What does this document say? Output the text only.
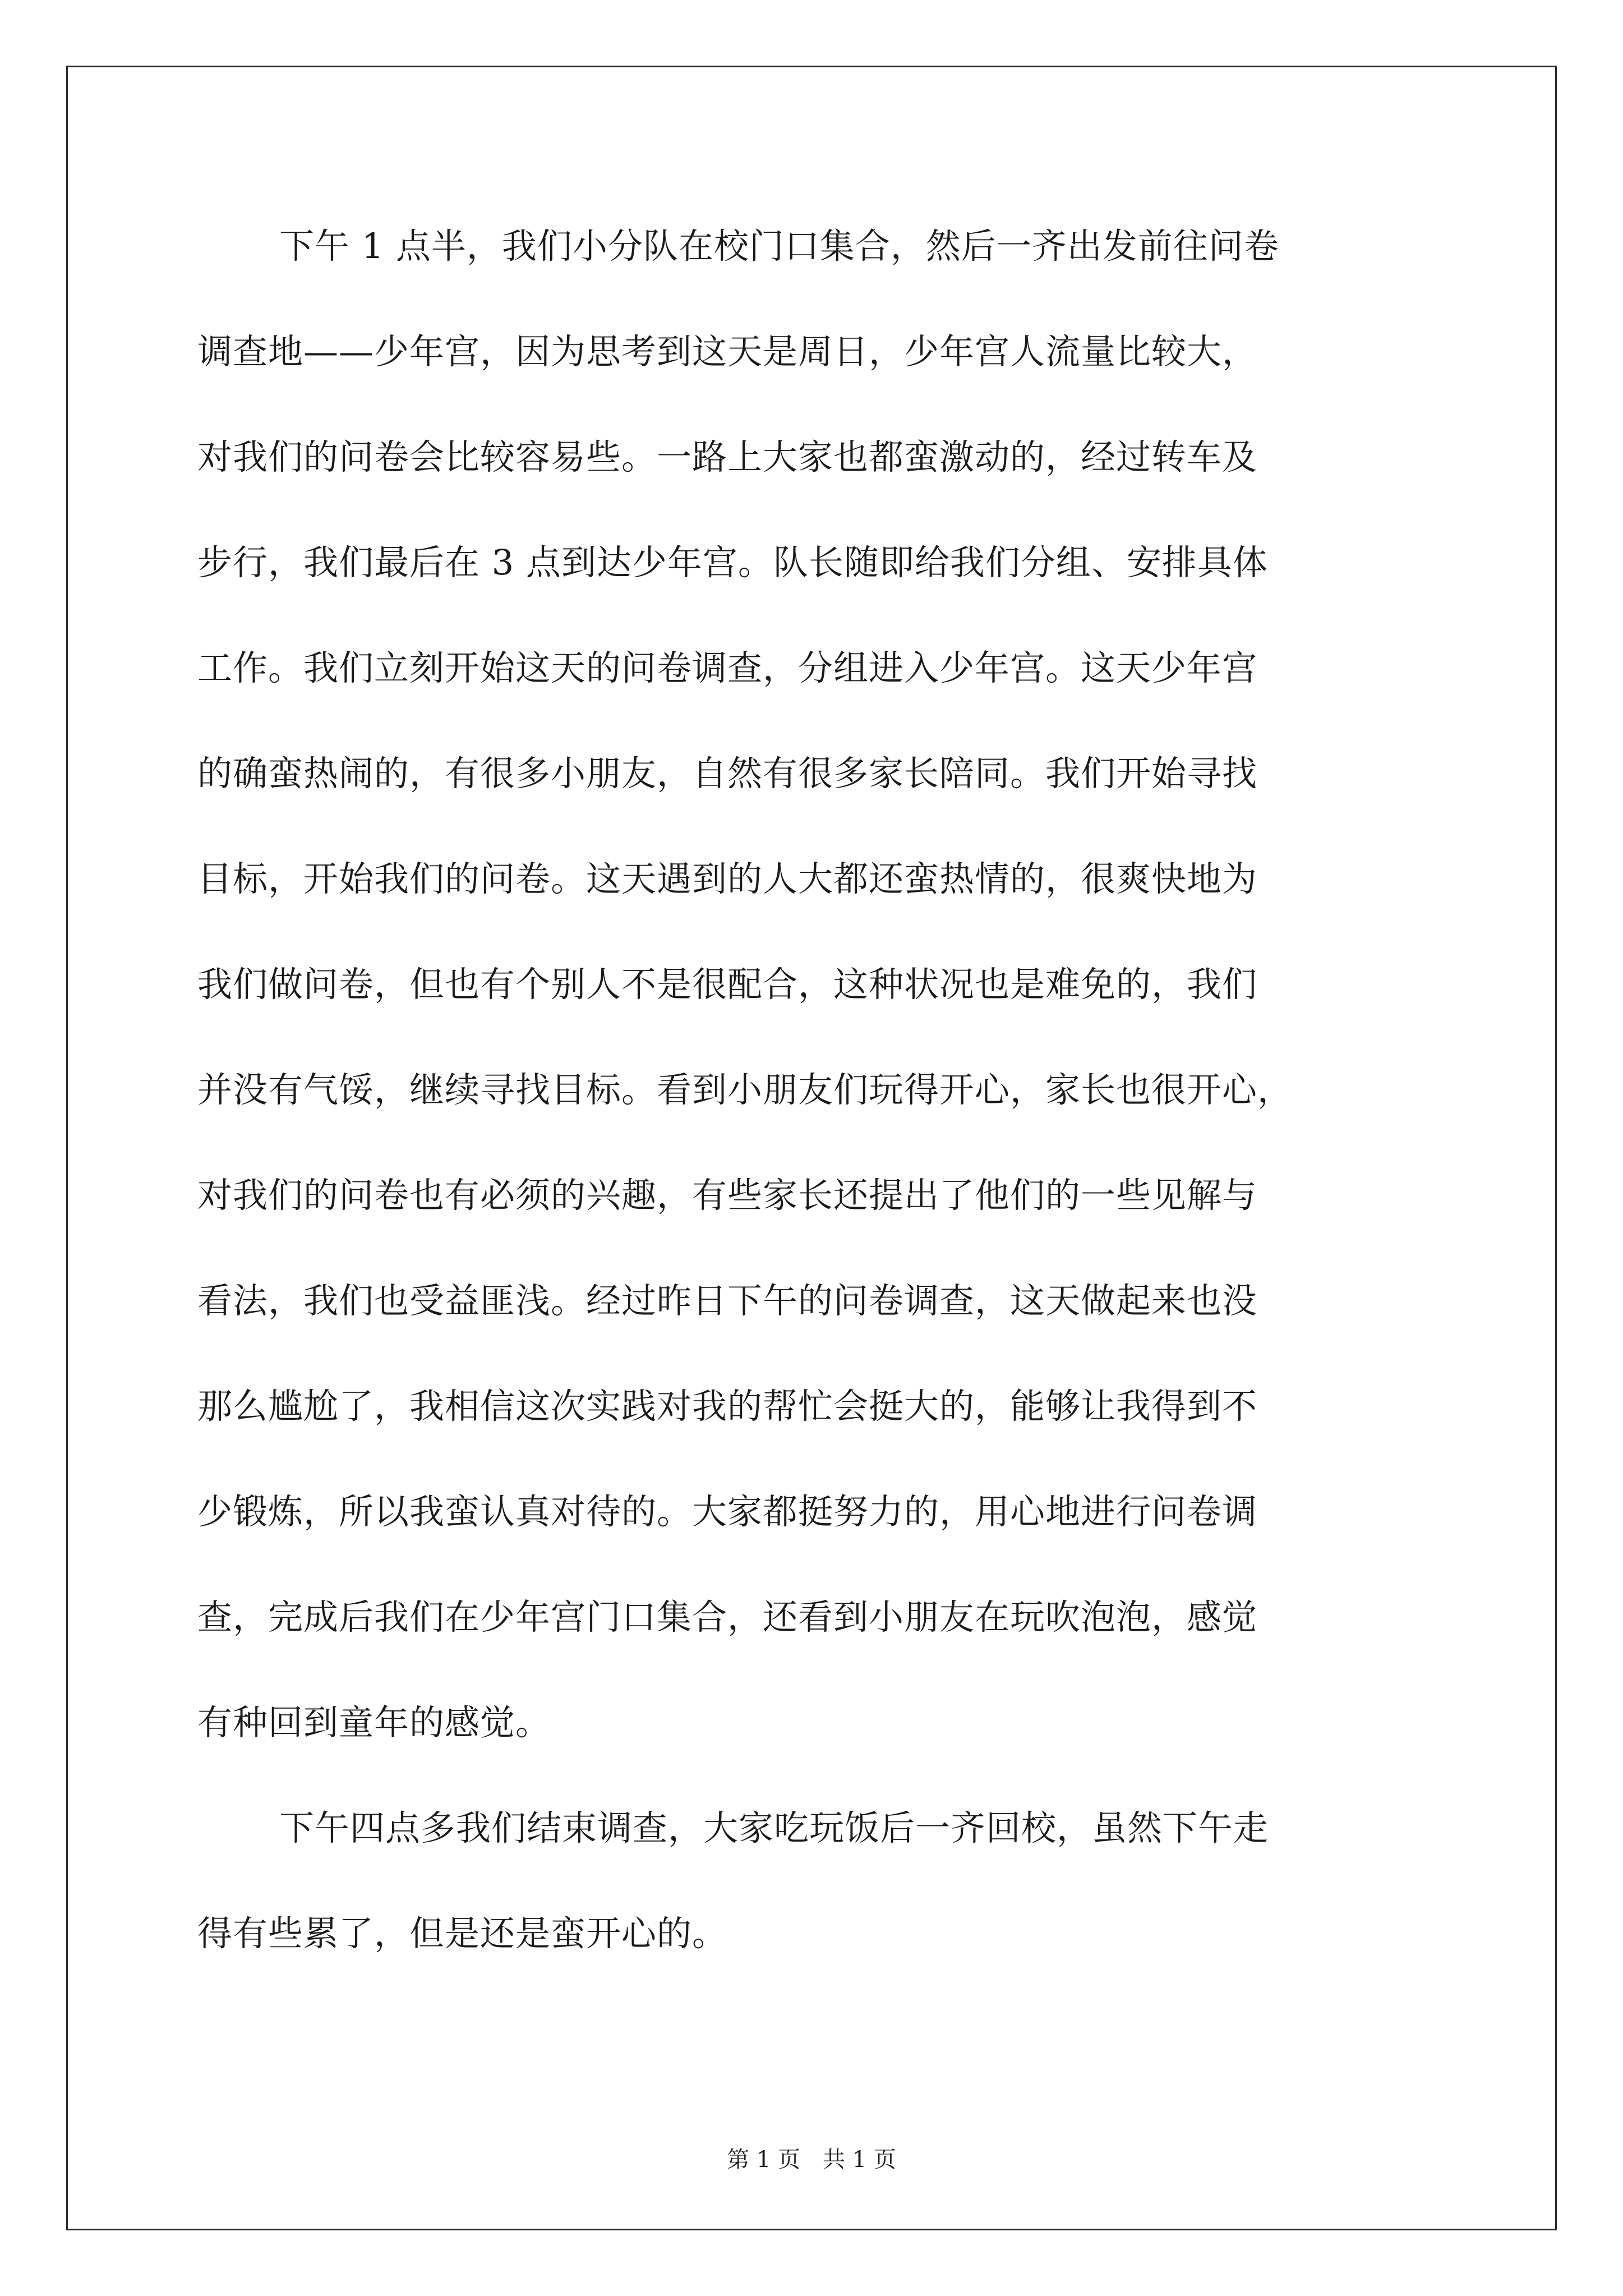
下午 1 点半，我们小分队在校门口集合，然后一齐出发前往问卷
调查地——少年宫，因为思考到这天是周日，少年宫人流量比较大，
对我们的问卷会比较容易些。一路上大家也都蛮激动的，经过转车及
步行，我们最后在 3 点到达少年宫。队长随即给我们分组、安排具体
工作。我们立刻开始这天的问卷调查，分组进入少年宫。这天少年宫
的确蛮热闹的，有很多小朋友，自然有很多家长陪同。我们开始寻找
目标，开始我们的问卷。这天遇到的人大都还蛮热情的，很爽快地为
我们做问卷，但也有个别人不是很配合，这种状况也是难免的，我们
并没有气馁，继续寻找目标。看到小朋友们玩得开心，家长也很开心，
对我们的问卷也有必须的兴趣，有些家长还提出了他们的一些见解与
看法，我们也受益匪浅。经过昨日下午的问卷调查，这天做起来也没
那么尴尬了，我相信这次实践对我的帮忙会挺大的，能够让我得到不
少锻炼，所以我蛮认真对待的。大家都挺努力的，用心地进行问卷调
查，完成后我们在少年宫门口集合，还看到小朋友在玩吹泡泡，感觉
有种回到童年的感觉。
下午四点多我们结束调查，大家吃玩饭后一齐回校，虽然下午走
得有些累了，但是还是蛮开心的。
第 1 页　共 1 页
